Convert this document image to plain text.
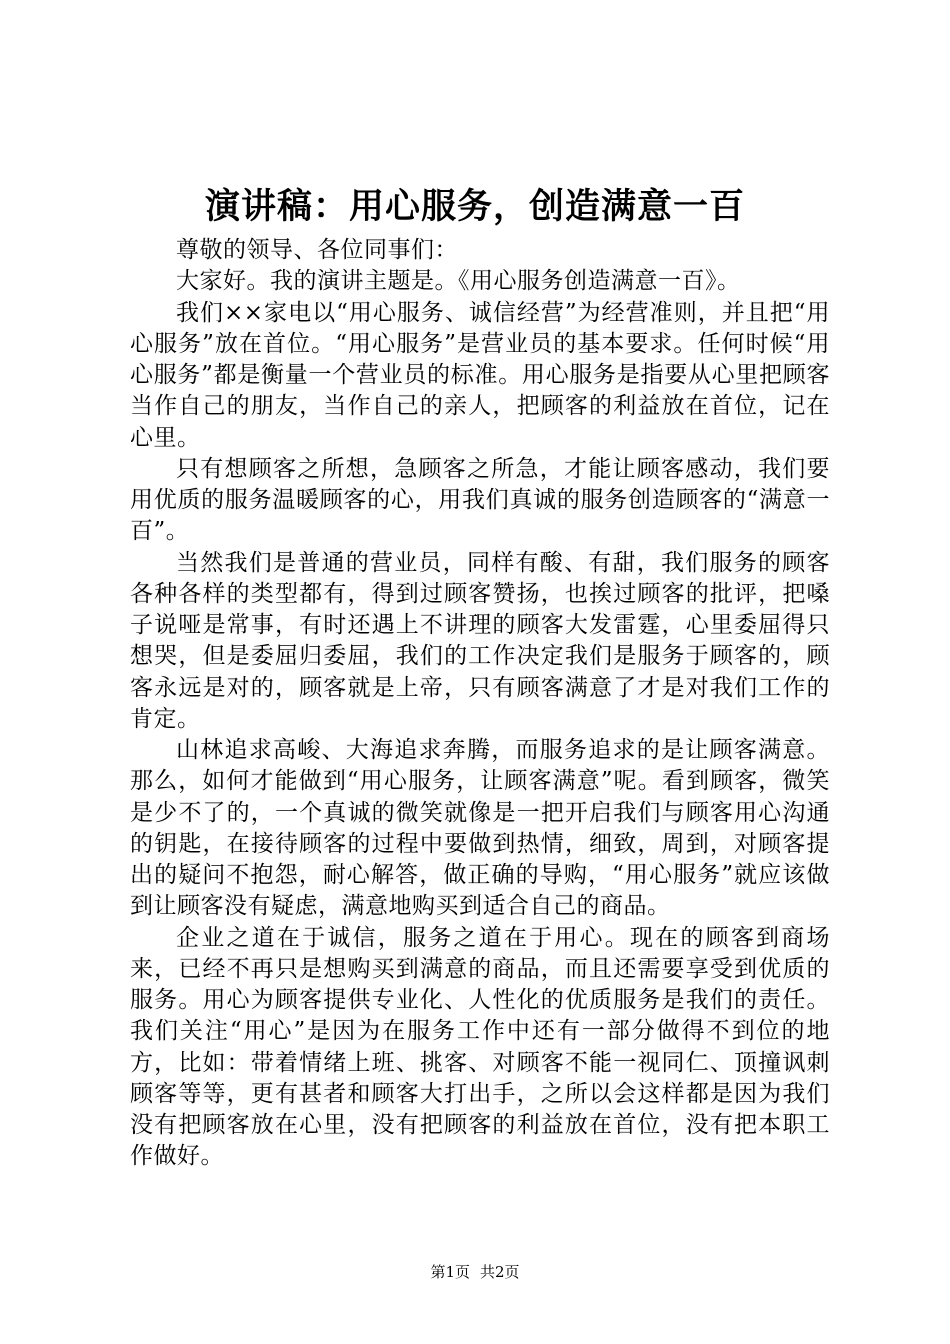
演讲稿：用心服务，创造满意一百

尊敬的领导、各位同事们：

大家好。我的演讲主题是。《用心服务创造满意一百》。

我们××家电以“用心服务、诚信经营”为经营准则，并且把“用心服务”放在首位。“用心服务”是营业员的基本要求。任何时候“用心服务”都是衡量一个营业员的标准。用心服务是指要从心里把顾客当作自己的朋友，当作自己的亲人，把顾客的利益放在首位，记在心里。

只有想顾客之所想，急顾客之所急，才能让顾客感动，我们要用优质的服务温暖顾客的心，用我们真诚的服务创造顾客的“满意一百”。

当然我们是普通的营业员，同样有酸、有甜，我们服务的顾客各种各样的类型都有，得到过顾客赞扬，也挨过顾客的批评，把嗓子说哑是常事，有时还遇上不讲理的顾客大发雷霆，心里委屈得只想哭，但是委屈归委屈，我们的工作决定我们是服务于顾客的，顾客永远是对的，顾客就是上帝，只有顾客满意了才是对我们工作的肯定。

山林追求高峻、大海追求奔腾，而服务追求的是让顾客满意。那么，如何才能做到“用心服务，让顾客满意”呢。看到顾客，微笑是少不了的，一个真诚的微笑就像是一把开启我们与顾客用心沟通的钥匙，在接待顾客的过程中要做到热情，细致，周到，对顾客提出的疑问不抱怨，耐心解答，做正确的导购，“用心服务”就应该做到让顾客没有疑虑，满意地购买到适合自己的商品。

企业之道在于诚信，服务之道在于用心。现在的顾客到商场来，已经不再只是想购买到满意的商品，而且还需要享受到优质的服务。用心为顾客提供专业化、人性化的优质服务是我们的责任。我们关注“用心”是因为在服务工作中还有一部分做得不到位的地方，比如：带着情绪上班、挑客、对顾客不能一视同仁、顶撞讽刺顾客等等，更有甚者和顾客大打出手，之所以会这样都是因为我们没有把顾客放在心里，没有把顾客的利益放在首位，没有把本职工作做好。

第1页 共2页
